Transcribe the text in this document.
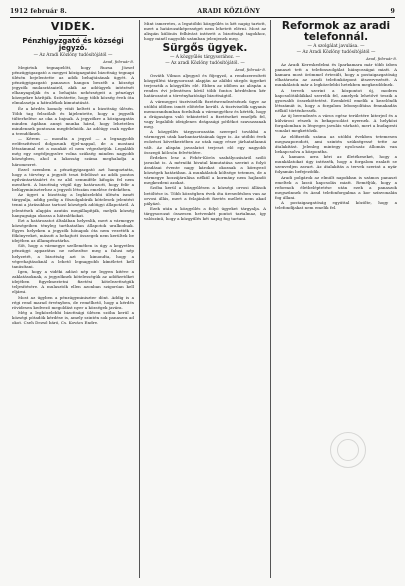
1912 február 8.	ARADI KÖZLÖNY	9
VIDÉK.
Pénzhigyzgató és községi jegyző.
— Az Aradi Közlöny tudósítójától —
Arad, február 8.

Megirtuk tegnapelőtt, hogy Ruzsa József pénzügyigazgató a megyei közigazgatási bizottság tegnapi ülésén bejelentette az adók behajtásának ügyét. A pénzügyigazgató panaszos hangon beszélt a községi jegyzők mulasztásairól, akik az adóügyek intézését elhanyagolják és a behajtás nehézségeit a pénzügyi közegekre hárítják. Szóvátette, hogy több község évek óta elmulasztja a hátralékok kimutatását.

Éz a kérdés komoly vitát keltett a bizottság ülésén. Több tag felszólalt és kijelentette, hogy a jegyzők túlterhelése az oka a bajnak. A jegyzőkre a közigazgatás minden ágában annyi munka hárul, hogy lehetetlen mindennek pontosan megfelelniök. Az adóügy csak egyike a teendőknek.

— Kérem — mondta a jegyző — a legnagyobb erőfeszítéssel dolgozunk éjjel-nappal, de a mostani létszámmal ezt a munkát el nem végezhetjük. Legalább még egy segédjegyzőre volna szükség minden nagyobb községben, ahol a lakosság száma meghaladja a háromezret.

Ezzel szemben a pénzügyigazgató azt hangoztatta, hogy a törvény a jegyzőt teszi felelőssé az adók pontos nyilvántartásáért és ez alól semmiféle kifogás fel nem mentheti. A bizottság végül úgy határozott, hogy felír a belügyminiszterhez a jegyzői létszám emelése érdekében.

Az ügyet a bizottság a legközelebbi ülésén ismét tárgyalja, addig pedig a főszolgabírák kötelesek jelentést tenni a járásukhoz tartozó községek adóügyi állapotáról. A jelentések alapján azután megállapítják, melyik község hanyagsága okozza a hátralékokat.

Ezt a határozatot általában helyeslik, mert a vármegye községeiben tényleg tarthatatlan állapotok uralkodnak. Egyes helyeken a jegyzők hónapok óta nem vezették a főkönyveket, másutt a behajtott összegek nem kerültek be idejében az állampénztárba.

Sőt, hogy a vármegye szellemében is úgy a kegyetlen pénzügyi apparátus ne nehezítse meg a falusi nép helyzetét, a bizottság azt is kimondta, hogy a végrehajtásoknál a lehető legnagyobb kíméletet kell tanúsítani.

Igen, hogy a vidéki adózó nép ne legyen kitéve a zaklatásoknak, a jegyzőknek kötelességük az adófizetőket idejében figyelmeztetni fizetési kötelezettségük teljesítésére. A mulasztók ellen azonban szigorúan kell eljárni.

Most az ügyben a pénzügyminiszter dönt. Addig is a régi rend marad érvényben, de remélhető, hogy a kérdés rövidesen kedvező megoldást nyer a községek javára.

Még a legközelebbi bizottsági ülésen szóba kerül a községi pótadók kérdése is, amely szintén sok panaszra ad okot. Cseh Dezső báró, Cs. Kovács Endre.

Mint ismeretes, a legutóbbi közgyűlés is két napig tartott, mert a határozatképességet nem lehetett elérni. Most az alispán különös felhívást intézett a bizottsági tagokhoz, hogy minél nagyobb számban jelenjenek meg.

Sürgős ügyek.
— A közgyűlés tárgysorához. —
— Az aradi Közlöny tudósítójától. —
Arad, február 8.

Osváth Vilmos aljegyző és főjegyző, a rendszeresített közgyűlési tárgysorozat alapján az alábbi sürgős ügyeket terjesztik a közgyűlés elé. Ebben az időben az alispán a rendes évi jelentésen kívül több fontos kérdésben kér határozatot a törvényhatósági bizottságtól.

A vármegyei tisztviselők fizetésrendezésének ügye az utóbbi időben ismét előtérbe került. A tisztviselők ugyanis memorandumban fordultak a vármegyéhez és kérték, hogy a drágaságra való tekintettel a fizetéseket emeljék fel, vagy legalább ideiglenes drágasági pótlékot szavazzanak meg.

A közgyűlés tárgysorozatán szerepel továbbá a vármegyei utak karbantartásának ügye is. Az utóbbi évek esőzései következtében az utak nagy része járhatatlanná vált. Az alispán javaslatot terjeszt elő egy nagyobb összegű kölcsön felvételére.

Érdekes lesz a Fehér-Körös szabályozásáról szóló javaslat is. A mérnöki hivatal kimutatása szerint a folyó áradásai évente nagy károkat okoznak a környező községek határában. A munkálatok költsége tetemes, de a vármegye hozzájárulása nélkül a kormány nem hajlandó megkezdeni azokat.

Szóba kerül a közgyűlésen a községi orvosi állások betöltése is. Több községben évek óta üresedésben van az orvosi állás, mert a felajánlott fizetés mellett nem akad pályázó.

Ezek után a közgyűlés a folyó ügyeket tárgyalja. A tárgysorozat összesen hetvenkét pontot tartalmaz, így valószínű, hogy a közgyűlés két napig fog tartani.

Reformok az aradi telefonnál.
— A szolgálat javulása. —
— Az Aradi Közlöny tudósítójától —
Arad, február 8.

Az Aradi Kereskedelmi és Iparkamara már több ízben panaszt tett a telefonszolgálat hiányosságai miatt. A kamara most örömmel értesült, hogy a postaigazgatóság elhatározta az aradi telefonközpont átszervezését. A munkálatok már a legközelebbi hetekben megkezdődnek.

A tervek szerint a központot új, modern kapcsolótáblákkal szerelik fel, amelyek lehetővé teszik a gyorsabb összeköttetést. Ezenkívül emelik a kezelőnők létszámát is, hogy a forgalom lebonyolítása fennakadás nélkül történhessék.

Az új berendezés a város egész területére kiterjed és a külvárosi részek is bekapcsolást nyernek. A helyközi forgalomban is lényeges javulás várható, mert a budapesti vonalat megkettőzik.

Az előfizetők száma az utóbbi években tetemesen megszaporodott, ami szintén szükségessé tette az átalakítást. Jelenleg mintegy nyolcszáz állomás van bekapcsolva a központba.

A kamara arra kéri az illetékeseket, hogy a munkálatokat úgy intézzék, hogy a forgalom ezalatt se szenvedjen zavart. Az átalakítás a tervek szerint a nyár folyamán befejeződik.

Aradi polgárok az elmúlt napokban is számos panaszt emeltek a lassú kapcsolás miatt. Reméljük, hogy a reformok életbeléptetése után ezek a panaszok megszűnnek és Arad telefonforgalma a kor színvonalán fog állani.

A postaigazgatóság egyúttal közölte, hogy a telefondíjakat nem emelik fel.
